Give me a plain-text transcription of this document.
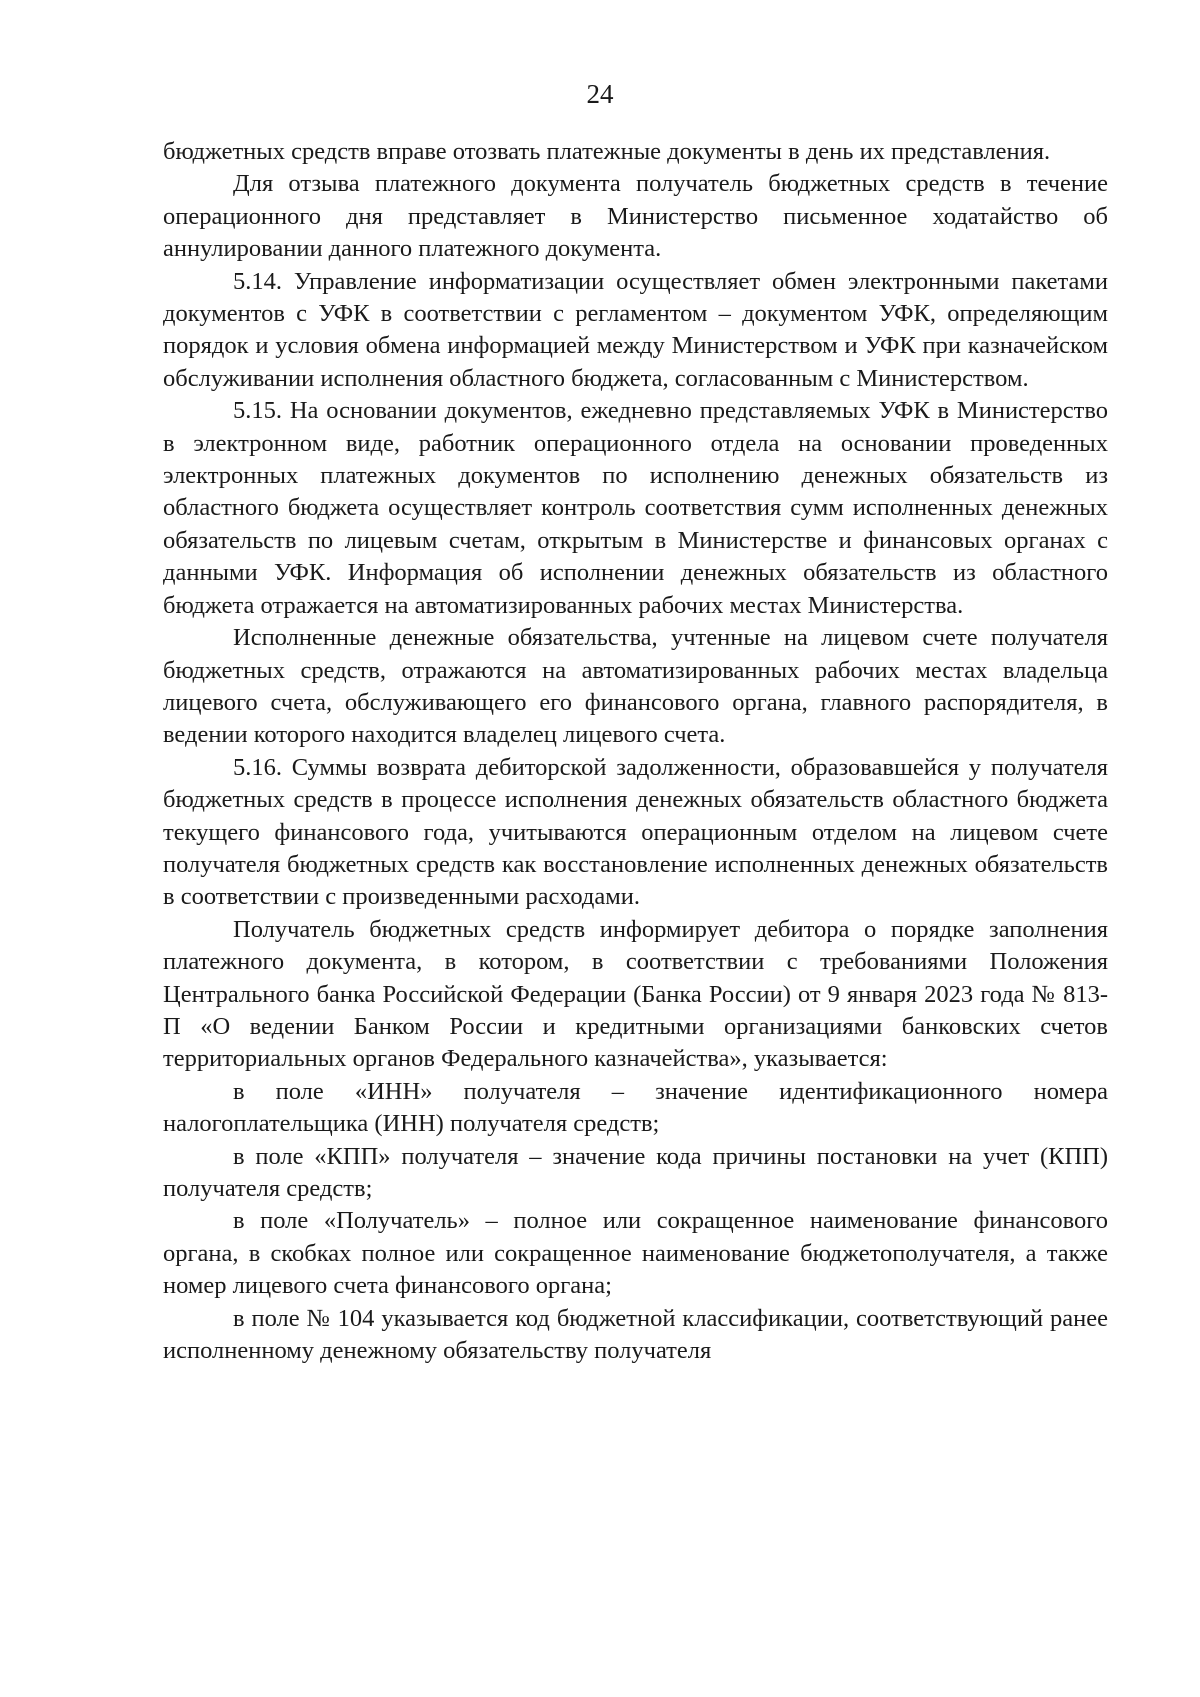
24

бюджетных средств вправе отозвать платежные документы в день их представления.

Для отзыва платежного документа получатель бюджетных средств в течение операционного дня представляет в Министерство письменное ходатайство об аннулировании данного платежного документа.

5.14. Управление информатизации осуществляет обмен электронными пакетами документов с УФК в соответствии с регламентом – документом УФК, определяющим порядок и условия обмена информацией между Министерством и УФК при казначейском обслуживании исполнения областного бюджета, согласованным с Министерством.

5.15. На основании документов, ежедневно представляемых УФК в Министерство в электронном виде, работник операционного отдела на основании проведенных электронных платежных документов по исполнению денежных обязательств из областного бюджета осуществляет контроль соответствия сумм исполненных денежных обязательств по лицевым счетам, открытым в Министерстве и финансовых органах с данными УФК. Информация об исполнении денежных обязательств из областного бюджета отражается на автоматизированных рабочих местах Министерства.

Исполненные денежные обязательства, учтенные на лицевом счете получателя бюджетных средств, отражаются на автоматизированных рабочих местах владельца лицевого счета, обслуживающего его финансового органа, главного распорядителя, в ведении которого находится владелец лицевого счета.

5.16. Суммы возврата дебиторской задолженности, образовавшейся у получателя бюджетных средств в процессе исполнения денежных обязательств областного бюджета текущего финансового года, учитываются операционным отделом на лицевом счете получателя бюджетных средств как восстановление исполненных денежных обязательств в соответствии с произведенными расходами.

Получатель бюджетных средств информирует дебитора о порядке заполнения платежного документа, в котором, в соответствии с требованиями Положения Центрального банка Российской Федерации (Банка России) от 9 января 2023 года № 813-П «О ведении Банком России и кредитными организациями банковских счетов территориальных органов Федерального казначейства», указывается:

в поле «ИНН» получателя – значение идентификационного номера налогоплательщика (ИНН) получателя средств;

в поле «КПП» получателя – значение кода причины постановки на учет (КПП) получателя средств;

в поле «Получатель» – полное или сокращенное наименование финансового органа, в скобках полное или сокращенное наименование бюджетополучателя, а также номер лицевого счета финансового органа;

в поле № 104 указывается код бюджетной классификации, соответствующий ранее исполненному денежному обязательству получателя
